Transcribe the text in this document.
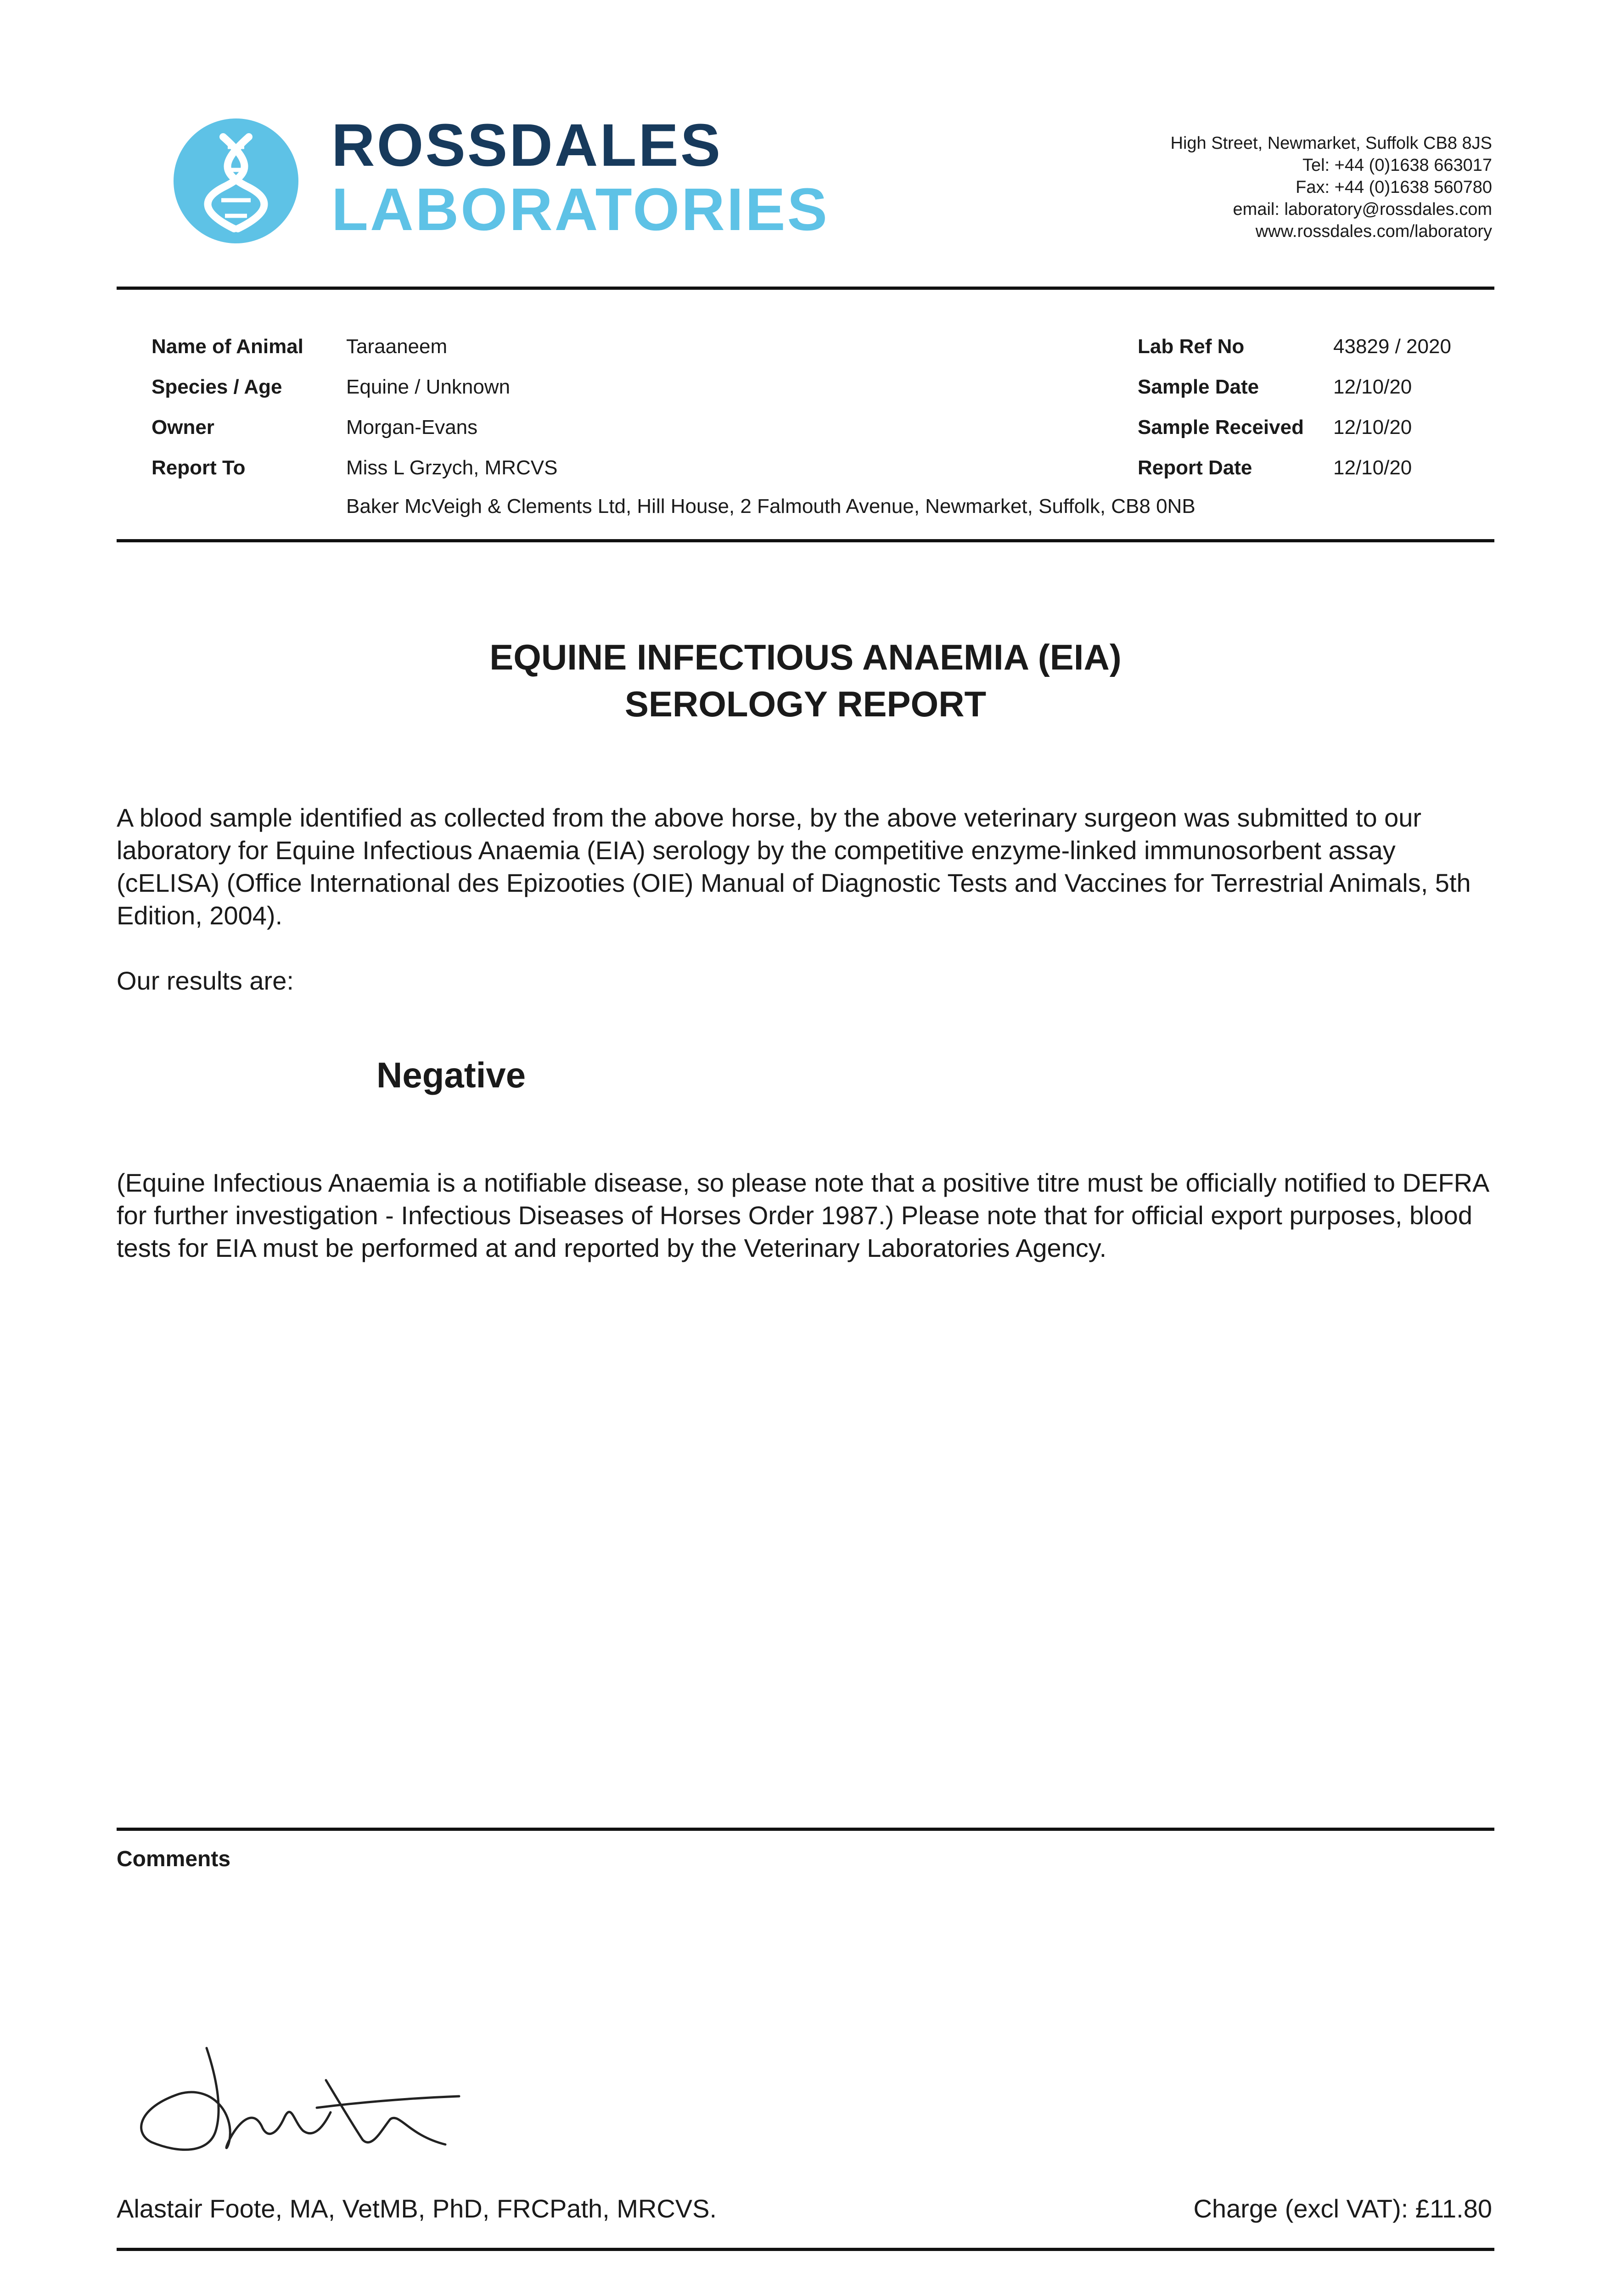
ROSSDALES
LABORATORIES
High Street, Newmarket, Suffolk CB8 8JS
Tel: +44 (0)1638 663017
Fax: +44 (0)1638 560780
email: laboratory@rossdales.com
www.rossdales.com/laboratory
Name of Animal Taraaneem
Species / Age	Equine / Unknown
Owner	Morgan-Evans
Report To	Miss L Grzych, MRCVS
Baker McVeigh & Clements Ltd, Hill House, 2 Falmouth Avenue, Newmarket, Suffolk, CB8 0NB
Lab Ref No	43829 / 2020
Sample Date	12/10/20
Sample Received 12/10/20
Report Date	12/10/20
EQUINE INFECTIOUS ANAEMIA (EIA)
SEROLOGY REPORT
A blood sample identified as collected from the above horse, by the above veterinary surgeon was submitted to our laboratory for Equine Infectious Anaemia (EIA) serology by the competitive enzyme-linked immunosorbent assay (cELISA) (Office International des Epizooties (OIE) Manual of Diagnostic Tests and Vaccines for Terrestrial Animals, 5th Edition, 2004).
Our results are:
Negative
(Equine Infectious Anaemia is a notifiable disease, so please note that a positive titre must be officially notified to DEFRA for further investigation - Infectious Diseases of Horses Order 1987.) Please note that for official export purposes, blood tests for EIA must be performed at and reported by the Veterinary Laboratories Agency.
Comments
Alastair Foote, MA, VetMB, PhD, FRCPath, MRCVS.	Charge (excl VAT): £11.80
